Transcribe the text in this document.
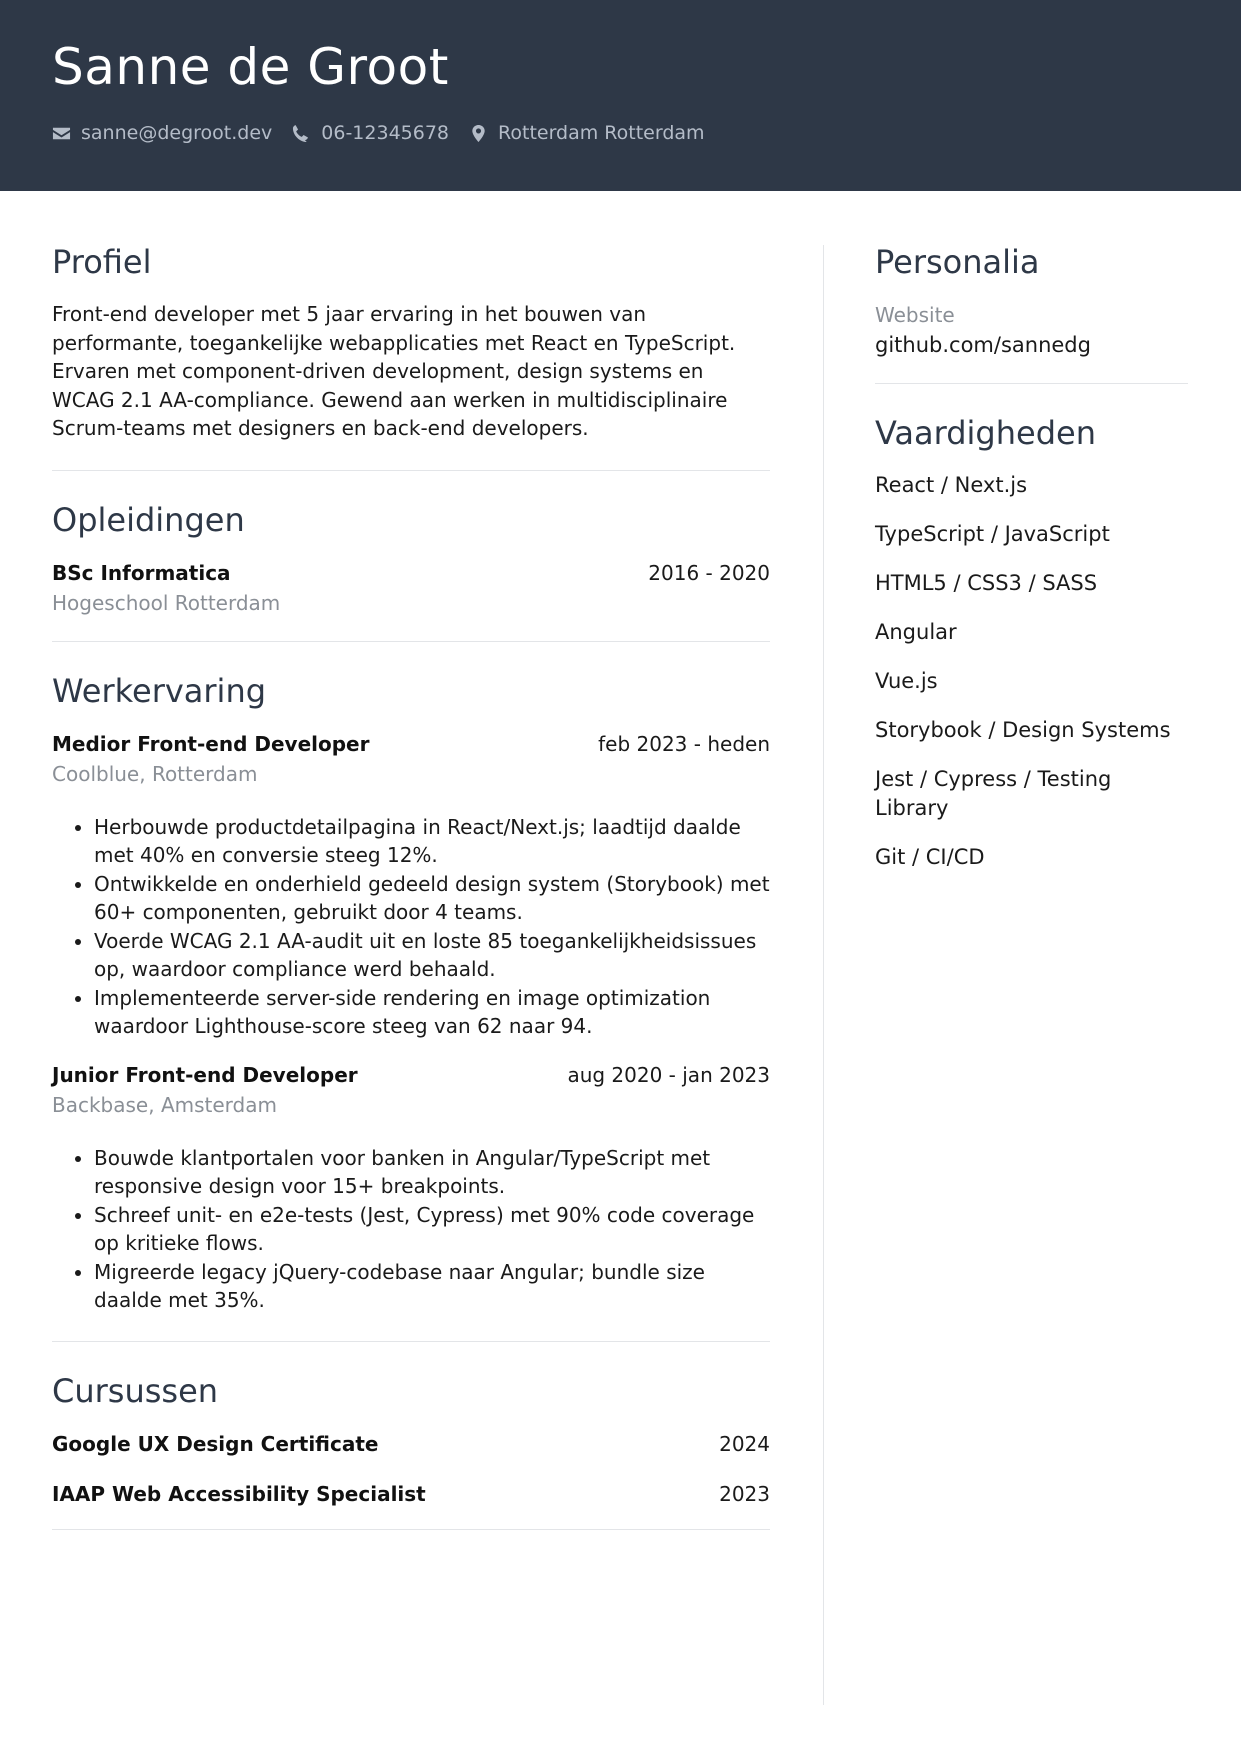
Sanne de Groot
sanne@degroot.dev	06-12345678	Rotterdam Rotterdam
Profiel
Front-end developer met 5 jaar ervaring in het bouwen van performante, toegankelijke webapplicaties met React en TypeScript. Ervaren met component-driven development, design systems en WCAG 2.1 AA-compliance. Gewend aan werken in multidisciplinaire Scrum-teams met designers en back-end developers.
Opleidingen
BSc Informatica	2016 - 2020
Hogeschool Rotterdam
Werkervaring
Medior Front-end Developer	feb 2023 - heden
Coolblue, Rotterdam
• Herbouwde productdetailpagina in React/Next.js; laadtijd daalde met 40% en conversie steeg 12%.
• Ontwikkelde en onderhield gedeeld design system (Storybook) met 60+ componenten, gebruikt door 4 teams.
• Voerde WCAG 2.1 AA-audit uit en loste 85 toegankelijkheidsissues op, waardoor compliance werd behaald.
• Implementeerde server-side rendering en image optimization waardoor Lighthouse-score steeg van 62 naar 94.
Junior Front-end Developer	aug 2020 - jan 2023
Backbase, Amsterdam
• Bouwde klantportalen voor banken in Angular/TypeScript met responsive design voor 15+ breakpoints.
• Schreef unit- en e2e-tests (Jest, Cypress) met 90% code coverage op kritieke flows.
• Migreerde legacy jQuery-codebase naar Angular; bundle size daalde met 35%.
Cursussen
Google UX Design Certificate	2024
IAAP Web Accessibility Specialist	2023
Personalia
Website
github.com/sannedg
Vaardigheden
React / Next.js
TypeScript / JavaScript
HTML5 / CSS3 / SASS
Angular
Vue.js
Storybook / Design Systems
Jest / Cypress / Testing Library
Git / CI/CD
